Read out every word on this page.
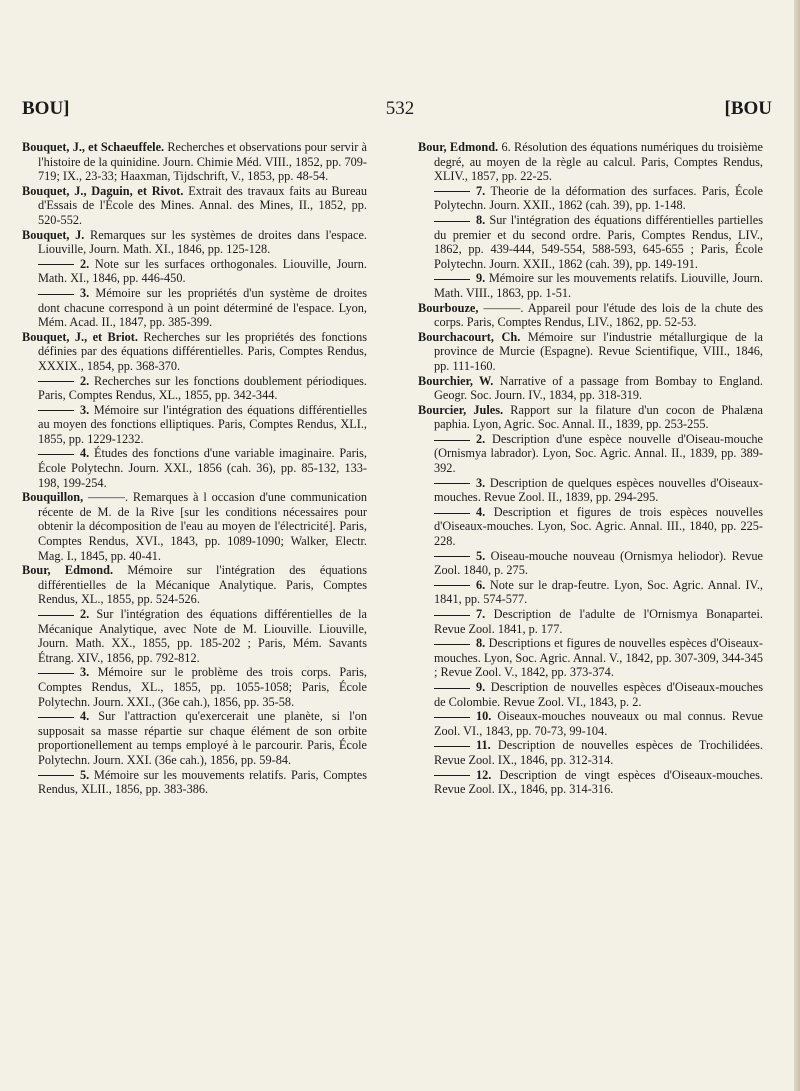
BOU]	532	[BOU

Bouquet, J., et Schaeuffele. Recherches et observations pour servir à l'histoire de la quinidine. Journ. Chimie Méd. VIII., 1852, pp. 709-719; IX., 23-33; Haaxman, Tijdschrift, V., 1853, pp. 48-54.

Bouquet, J., Daguin, et Rivot. Extrait des travaux faits au Bureau d'Essais de l'École des Mines. Annal. des Mines, II., 1852, pp. 520-552.

Bouquet, J. Remarques sur les systèmes de droites dans l'espace. Liouville, Journ. Math. XI., 1846, pp. 125-128.

2. Note sur les surfaces orthogonales. Liouville, Journ. Math. XI., 1846, pp. 446-450.

3. Mémoire sur les propriétés d'un système de droites dont chacune correspond à un point déterminé de l'espace. Lyon, Mém. Acad. II., 1847, pp. 385-399.

Bouquet, J., et Briot. Recherches sur les propriétés des fonctions définies par des équations différentielles. Paris, Comptes Rendus, XXXIX., 1854, pp. 368-370.

2. Recherches sur les fonctions doublement périodiques. Paris, Comptes Rendus, XL., 1855, pp. 342-344.

3. Mémoire sur l'intégration des équations différentielles au moyen des fonctions elliptiques. Paris, Comptes Rendus, XLI., 1855, pp. 1229-1232.

4. Études des fonctions d'une variable imaginaire. Paris, École Polytechn. Journ. XXI., 1856 (cah. 36), pp. 85-132, 133-198, 199-254.

Bouquillon, ———. Remarques à l occasion d'une communication récente de M. de la Rive [sur les conditions nécessaires pour obtenir la décomposition de l'eau au moyen de l'électricité]. Paris, Comptes Rendus, XVI., 1843, pp. 1089-1090; Walker, Electr. Mag. I., 1845, pp. 40-41.

Bour, Edmond. Mémoire sur l'intégration des équations différentielles de la Mécanique Analytique. Paris, Comptes Rendus, XL., 1855, pp. 524-526.

2. Sur l'intégration des équations différentielles de la Mécanique Analytique, avec Note de M. Liouville. Liouville, Journ. Math. XX., 1855, pp. 185-202 ; Paris, Mém. Savants Étrang. XIV., 1856, pp. 792-812.

3. Mémoire sur le problème des trois corps. Paris, Comptes Rendus, XL., 1855, pp. 1055-1058; Paris, École Polytechn. Journ. XXI., (36e cah.), 1856, pp. 35-58.

4. Sur l'attraction qu'exercerait une planète, si l'on supposait sa masse répartie sur chaque élément de son orbite proportionellement au temps employé à le parcourir. Paris, École Polytechn. Journ. XXI. (36e cah.), 1856, pp. 59-84.

5. Mémoire sur les mouvements relatifs. Paris, Comptes Rendus, XLII., 1856, pp. 383-386.

Bour, Edmond. 6. Résolution des équations numériques du troisième degré, au moyen de la règle au calcul. Paris, Comptes Rendus, XLIV., 1857, pp. 22-25.

7. Theorie de la déformation des surfaces. Paris, École Polytechn. Journ. XXII., 1862 (cah. 39), pp. 1-148.

8. Sur l'intégration des équations différentielles partielles du premier et du second ordre. Paris, Comptes Rendus, LIV., 1862, pp. 439-444, 549-554, 588-593, 645-655 ; Paris, École Polytechn. Journ. XXII., 1862 (cah. 39), pp. 149-191.

9. Mémoire sur les mouvements relatifs. Liouville, Journ. Math. VIII., 1863, pp. 1-51.

Bourbouze, ———. Appareil pour l'étude des lois de la chute des corps. Paris, Comptes Rendus, LIV., 1862, pp. 52-53.

Bourchacourt, Ch. Mémoire sur l'industrie métallurgique de la province de Murcie (Espagne). Revue Scientifique, VIII., 1846, pp. 111-160.

Bourchier, W. Narrative of a passage from Bombay to England. Geogr. Soc. Journ. IV., 1834, pp. 318-319.

Bourcier, Jules. Rapport sur la filature d'un cocon de Phalæna paphia. Lyon, Agric. Soc. Annal. II., 1839, pp. 253-255.

2. Description d'une espèce nouvelle d'Oiseau-mouche (Ornismya labrador). Lyon, Soc. Agric. Annal. II., 1839, pp. 389-392.

3. Description de quelques espèces nouvelles d'Oiseaux-mouches. Revue Zool. II., 1839, pp. 294-295.

4. Description et figures de trois espèces nouvelles d'Oiseaux-mouches. Lyon, Soc. Agric. Annal. III., 1840, pp. 225-228.

5. Oiseau-mouche nouveau (Ornismya heliodor). Revue Zool. 1840, p. 275.

6. Note sur le drap-feutre. Lyon, Soc. Agric. Annal. IV., 1841, pp. 574-577.

7. Description de l'adulte de l'Ornismya Bonapartei. Revue Zool. 1841, p. 177.

8. Descriptions et figures de nouvelles espèces d'Oiseaux-mouches. Lyon, Soc. Agric. Annal. V., 1842, pp. 307-309, 344-345 ; Revue Zool. V., 1842, pp. 373-374.

9. Description de nouvelles espèces d'Oiseaux-mouches de Colombie. Revue Zool. VI., 1843, p. 2.

10. Oiseaux-mouches nouveaux ou mal connus. Revue Zool. VI., 1843, pp. 70-73, 99-104.

11. Description de nouvelles espèces de Trochilidées. Revue Zool. IX., 1846, pp. 312-314.

12. Description de vingt espèces d'Oiseaux-mouches. Revue Zool. IX., 1846, pp. 314-316.
